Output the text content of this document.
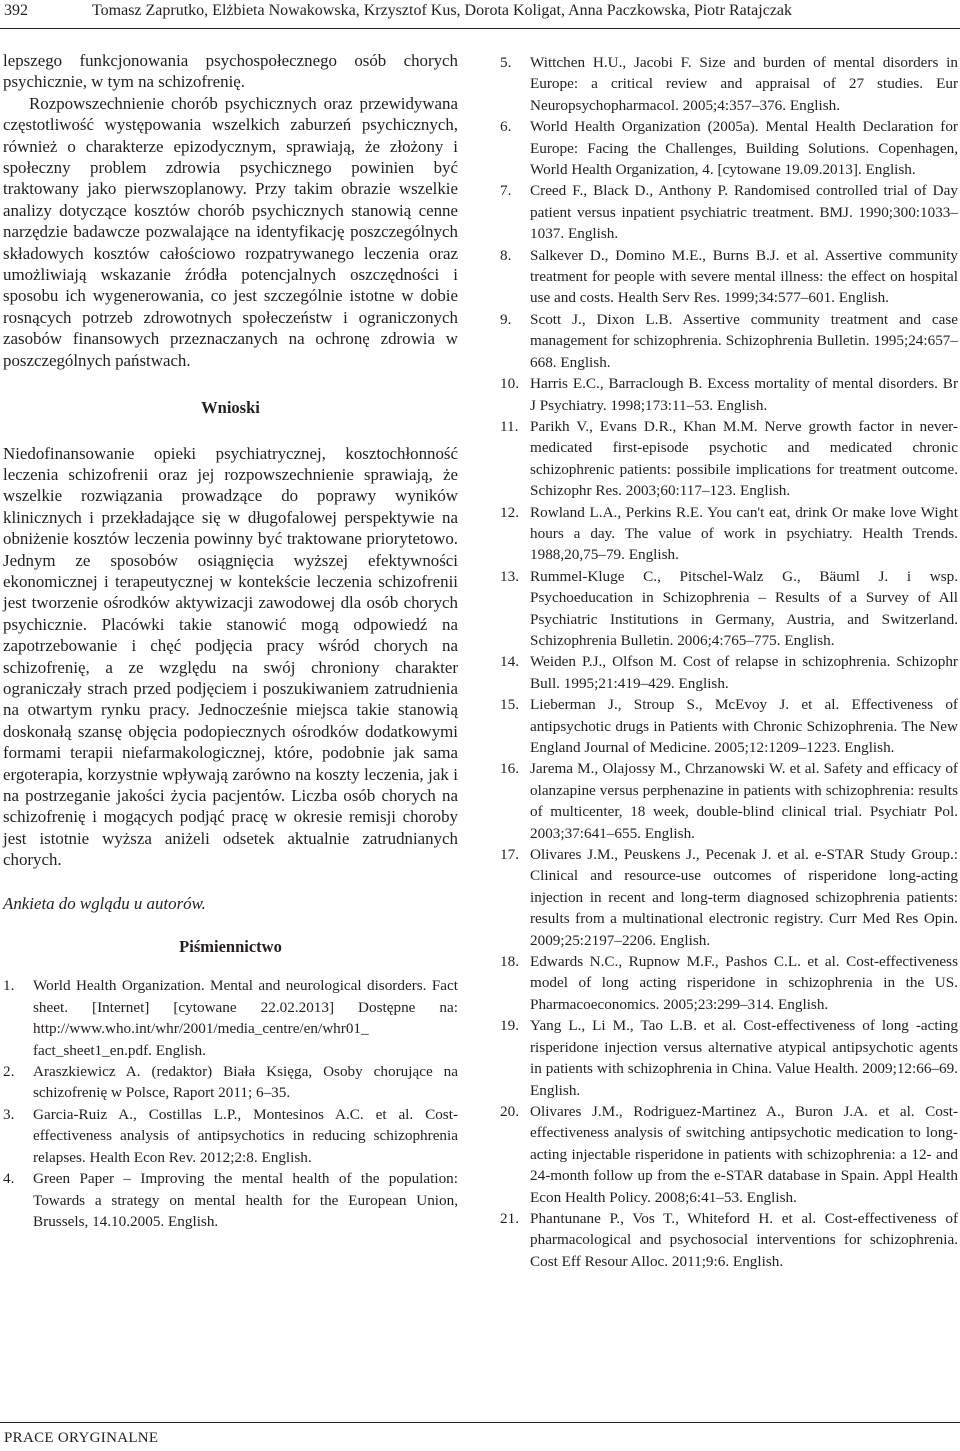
392	Tomasz Zaprutko, Elżbieta Nowakowska, Krzysztof Kus, Dorota Koligat, Anna Paczkowska, Piotr Ratajczak

lepszego funkcjonowania psychospołecznego osób chorych psychicznie, w tym na schizofrenię.

Rozpowszechnienie chorób psychicznych oraz przewidywana częstotliwość występowania wszelkich zaburzeń psychicznych, również o charakterze epizodycznym, sprawiają, że złożony i społeczny problem zdrowia psychicznego powinien być traktowany jako pierwszoplanowy. Przy takim obrazie wszelkie analizy dotyczące kosztów chorób psychicznych stanowią cenne narzędzie badawcze pozwalające na identyfikację poszczególnych składowych kosztów całościowo rozpatrywanego leczenia oraz umożliwiają wskazanie źródła potencjalnych oszczędności i sposobu ich wygenerowania, co jest szczególnie istotne w dobie rosnących potrzeb zdrowotnych społeczeństw i ograniczonych zasobów finansowych przeznaczanych na ochronę zdrowia w poszczególnych państwach.

Wnioski

Niedofinansowanie opieki psychiatrycznej, kosztochłonność leczenia schizofrenii oraz jej rozpowszechnienie sprawiają, że wszelkie rozwiązania prowadzące do poprawy wyników klinicznych i przekładające się w długofalowej perspektywie na obniżenie kosztów leczenia powinny być traktowane priorytetowo. Jednym ze sposobów osiągnięcia wyższej efektywności ekonomicznej i terapeutycznej w kontekście leczenia schizofrenii jest tworzenie ośrodków aktywizacji zawodowej dla osób chorych psychicznie. Placówki takie stanowić mogą odpowiedź na zapotrzebowanie i chęć podjęcia pracy wśród chorych na schizofrenię, a ze względu na swój chroniony charakter ograniczały strach przed podjęciem i poszukiwaniem zatrudnienia na otwartym rynku pracy. Jednocześnie miejsca takie stanowią doskonałą szansę objęcia podopiecznych ośrodków dodatkowymi formami terapii niefarmakologicznej, które, podobnie jak sama ergoterapia, korzystnie wpływają zarówno na koszty leczenia, jak i na postrzeganie jakości życia pacjentów. Liczba osób chorych na schizofrenię i mogących podjąć pracę w okresie remisji choroby jest istotnie wyższa aniżeli odsetek aktualnie zatrudnianych chorych.

Ankieta do wglądu u autorów.

Piśmiennictwo
1. World Health Organization. Mental and neurological disorders. Fact sheet. [Internet] [cytowane 22.02.2013] Dostępne na: http://www.who.int/whr/2001/media_centre/en/whr01_ fact_sheet1_en.pdf. English.
2. Araszkiewicz A. (redaktor) Biała Księga, Osoby chorujące na schizofrenię w Polsce, Raport 2011; 6–35.
3. Garcia-Ruiz A., Costillas L.P., Montesinos A.C. et al. Cost-effectiveness analysis of antipsychotics in reducing schizophrenia relapses. Health Econ Rev. 2012;2:8. English.
4. Green Paper – Improving the mental health of the population: Towards a strategy on mental health for the European Union, Brussels, 14.10.2005. English.
5. Wittchen H.U., Jacobi F. Size and burden of mental disorders in Europe: a critical review and appraisal of 27 studies. Eur Neuropsychopharmacol. 2005;4:357–376. English.
6. World Health Organization (2005a). Mental Health Declaration for Europe: Facing the Challenges, Building Solutions. Copenhagen, World Health Organization, 4. [cytowane 19.09.2013]. English.
7. Creed F., Black D., Anthony P. Randomised controlled trial of Day patient versus inpatient psychiatric treatment. BMJ. 1990;300:1033–1037. English.
8. Salkever D., Domino M.E., Burns B.J. et al. Assertive community treatment for people with severe mental illness: the effect on hospital use and costs. Health Serv Res. 1999;34:577–601. English.
9. Scott J., Dixon L.B. Assertive community treatment and case management for schizophrenia. Schizophrenia Bulletin. 1995;24:657–668. English.
10. Harris E.C., Barraclough B. Excess mortality of mental disorders. Br J Psychiatry. 1998;173:11–53. English.
11. Parikh V., Evans D.R., Khan M.M. Nerve growth factor in never-medicated first-episode psychotic and medicated chronic schizophrenic patients: possibile implications for treatment outcome. Schizophr Res. 2003;60:117–123. English.
12. Rowland L.A., Perkins R.E. You can't eat, drink Or make love Wight hours a day. The value of work in psychiatry. Health Trends. 1988,20,75–79. English.
13. Rummel-Kluge C., Pitschel-Walz G., Bäuml J. i wsp. Psychoeducation in Schizophrenia – Results of a Survey of All Psychiatric Institutions in Germany, Austria, and Switzerland. Schizophrenia Bulletin. 2006;4:765–775. English.
14. Weiden P.J., Olfson M. Cost of relapse in schizophrenia. Schizophr Bull. 1995;21:419–429. English.
15. Lieberman J., Stroup S., McEvoy J. et al. Effectiveness of antipsychotic drugs in Patients with Chronic Schizophrenia. The New England Journal of Medicine. 2005;12:1209–1223. English.
16. Jarema M., Olajossy M., Chrzanowski W. et al. Safety and efficacy of olanzapine versus perphenazine in patients with schizophrenia: results of multicenter, 18 week, double-blind clinical trial. Psychiatr Pol. 2003;37:641–655. English.
17. Olivares J.M., Peuskens J., Pecenak J. et al. e-STAR Study Group.: Clinical and resource-use outcomes of risperidone long-acting injection in recent and long-term diagnosed schizophrenia patients: results from a multinational electronic registry. Curr Med Res Opin. 2009;25:2197–2206. English.
18. Edwards N.C., Rupnow M.F., Pashos C.L. et al. Cost-effectiveness model of long acting risperidone in schizophrenia in the US. Pharmacoeconomics. 2005;23:299–314. English.
19. Yang L., Li M., Tao L.B. et al. Cost-effectiveness of long -acting risperidone injection versus alternative atypical antipsychotic agents in patients with schizophrenia in China. Value Health. 2009;12:66–69. English.
20. Olivares J.M., Rodriguez-Martinez A., Buron J.A. et al. Cost-effectiveness analysis of switching antipsychotic medication to long-acting injectable risperidone in patients with schizophrenia: a 12- and 24-month follow up from the e-STAR database in Spain. Appl Health Econ Health Policy. 2008;6:41–53. English.
21. Phantunane P., Vos T., Whiteford H. et al. Cost-effectiveness of pharmacological and psychosocial interventions for schizophrenia. Cost Eff Resour Alloc. 2011;9:6. English.
PRACE ORYGINALNE
